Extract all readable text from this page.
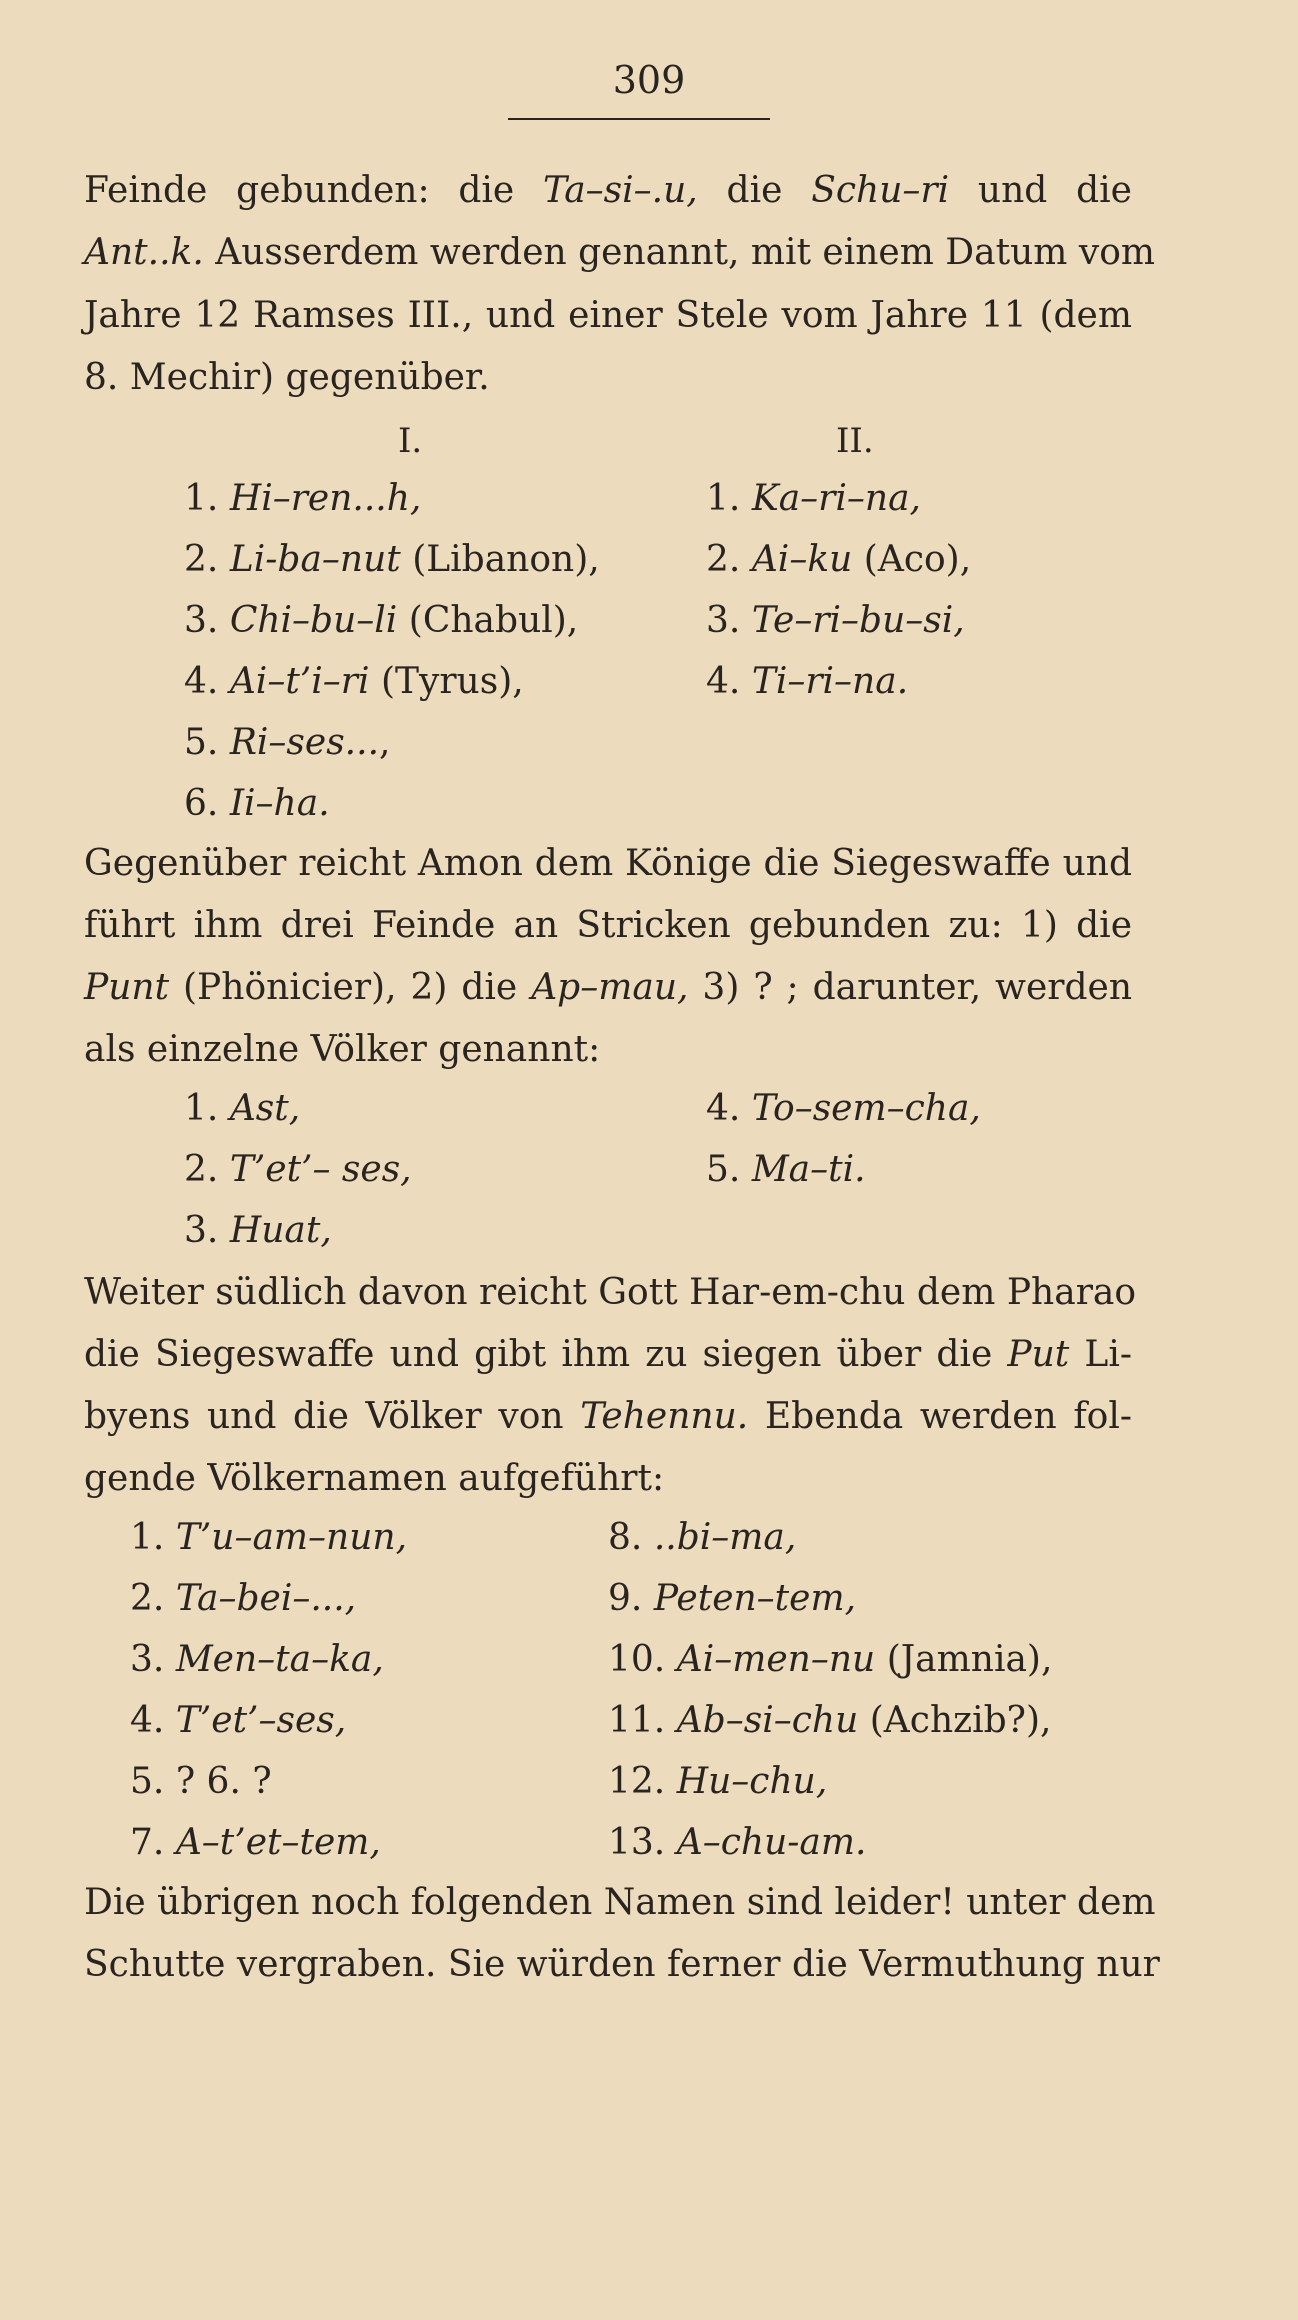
309
Feinde gebunden: die Ta–si–.u, die Schu–ri und die
Ant..k. Ausserdem werden genannt, mit einem Datum vom
Jahre 12 Ramses III., und einer Stele vom Jahre 11 (dem
8. Mechir) gegenüber.
I.	II.
1. Hi–ren...h,
2. Li-ba–nut (Libanon),
3. Chi–bu–li (Chabul),
4. Ai–t’i–ri (Tyrus),
5. Ri–ses...,
6. Ii–ha.
1. Ka–ri–na,
2. Ai–ku (Aco),
3. Te–ri–bu–si,
4. Ti–ri–na.
Gegenüber reicht Amon dem Könige die Siegeswaffe und
führt ihm drei Feinde an Stricken gebunden zu: 1) die
Punt (Phönicier), 2) die Ap–mau, 3) ? ; darunter, werden
als einzelne Völker genannt:
1. Ast,
2. T’et’– ses,
3. Huat,
4. To–sem–cha,
5. Ma–ti.
Weiter südlich davon reicht Gott Har-em-chu dem Pharao
die Siegeswaffe und gibt ihm zu siegen über die Put Li-
byens und die Völker von Tehennu. Ebenda werden fol-
gende Völkernamen aufgeführt:
1. T’u–am–nun,
2. Ta–bei–...,
3. Men–ta–ka,
4. T’et’–ses,
5. ? 6. ?
7. A–t’et–tem,
8. ..bi–ma,
9. Peten–tem,
10. Ai–men–nu (Jamnia),
11. Ab–si–chu (Achzib?),
12. Hu–chu,
13. A–chu-am.
Die übrigen noch folgenden Namen sind leider! unter dem
Schutte vergraben. Sie würden ferner die Vermuthung nur
